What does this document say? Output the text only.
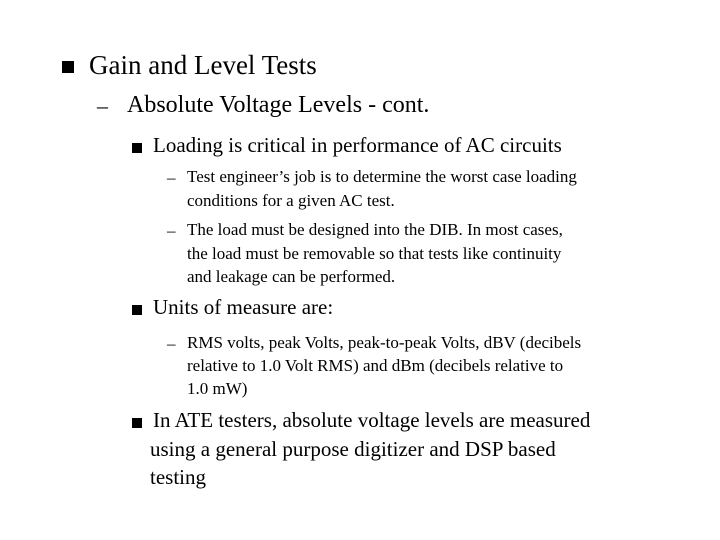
Gain and Level Tests
– Absolute Voltage Levels - cont.
Loading is critical in performance of AC circuits
– Test engineer’s job is to determine the worst case loading
conditions for a given AC test.
– The load must be designed into the DIB. In most cases,
the load must be removable so that tests like continuity
and leakage can be performed.
Units of measure are:
– RMS volts, peak Volts, peak-to-peak Volts, dBV (decibels
relative to 1.0 Volt RMS) and dBm (decibels relative to
1.0 mW)
In ATE testers, absolute voltage levels are measured
using a general purpose digitizer and DSP based
testing
